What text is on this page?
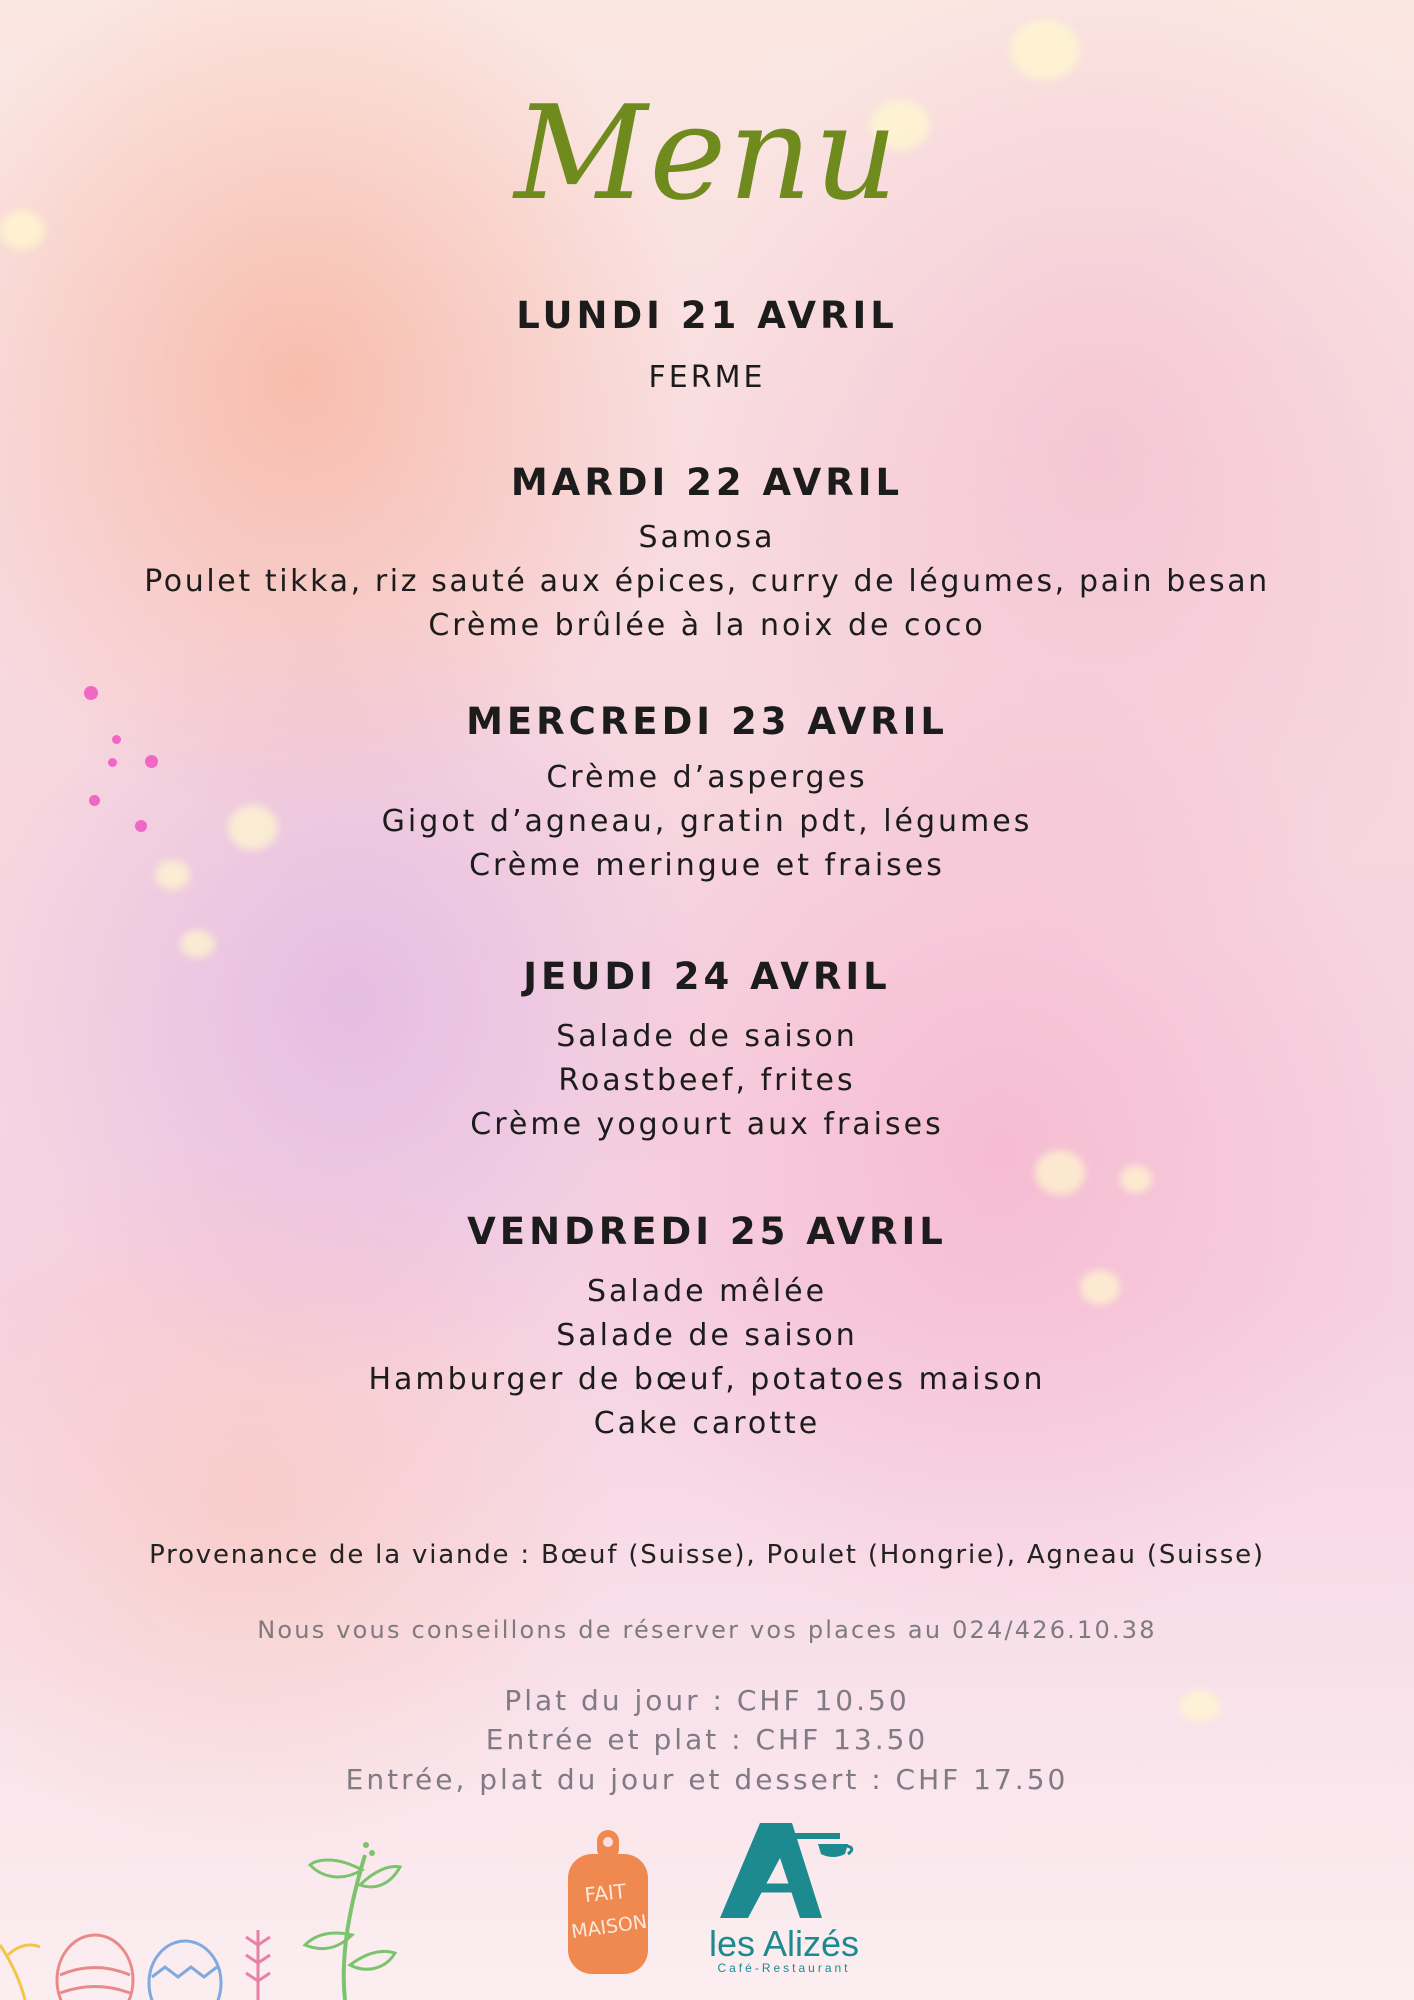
Menu
LUNDI 21 AVRIL
FERME
MARDI 22 AVRIL
Samosa
Poulet tikka, riz sauté aux épices, curry de légumes, pain besan
Crème brûlée à la noix de coco
MERCREDI 23 AVRIL
Crème d’asperges
Gigot d’agneau, gratin pdt, légumes
Crème meringue et fraises
JEUDI 24 AVRIL
Salade de saison
Roastbeef, frites
Crème yogourt aux fraises
VENDREDI 25 AVRIL
Salade mêlée
Salade de saison
Hamburger de bœuf, potatoes maison
Cake carotte
Provenance de la viande : Bœuf (Suisse), Poulet (Hongrie), Agneau (Suisse)
Nous vous conseillons de réserver vos places au 024/426.10.38
Plat du jour : CHF 10.50
Entrée et plat : CHF 13.50
Entrée, plat du jour et dessert : CHF 17.50
FAIT
MAISON	les Alizés
Café-Restaurant
